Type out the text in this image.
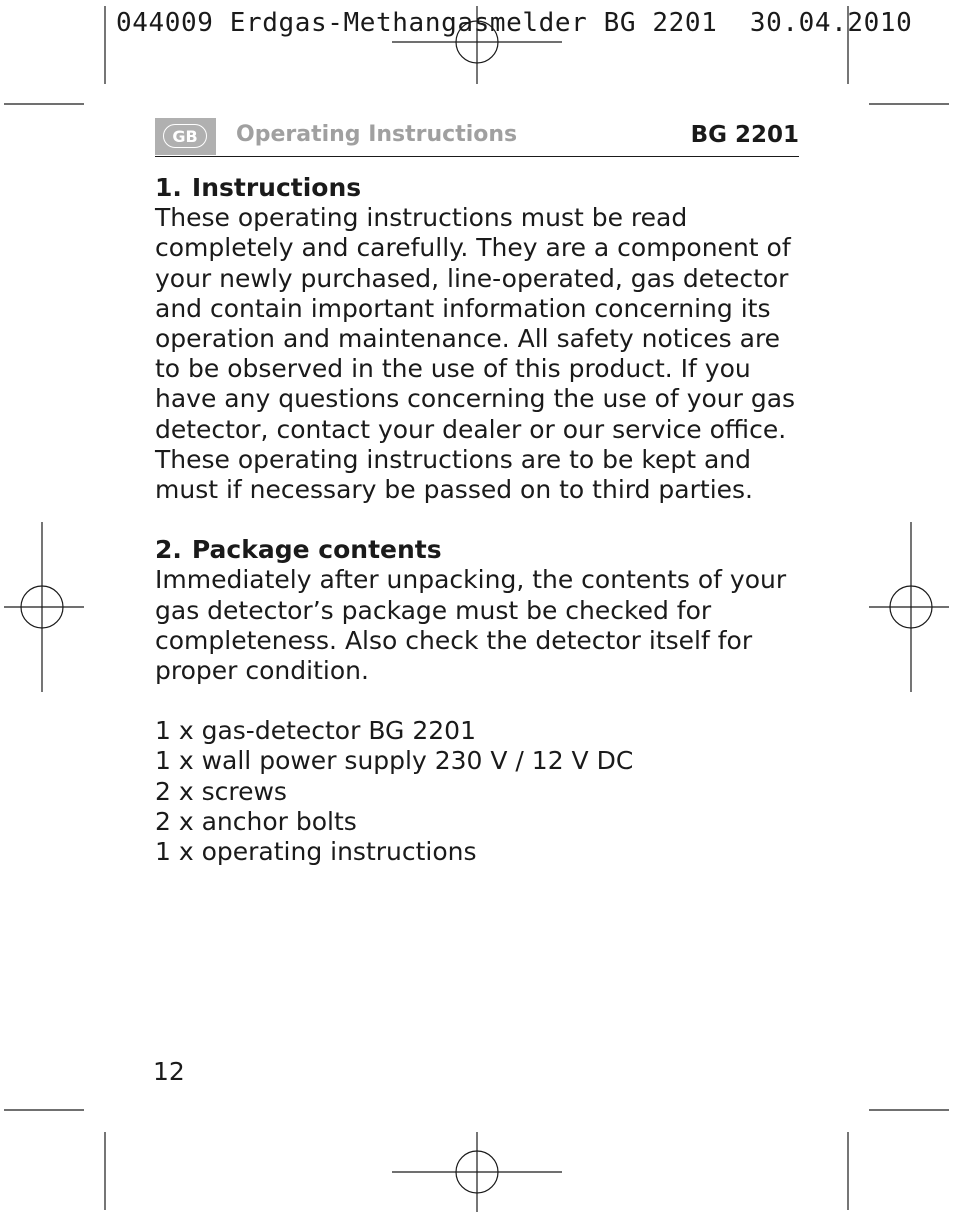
044009 Erdgas-Methangasmelder BG 2201  30.04.2010
GB	Operating Instructions	BG 2201
1. Instructions
These operating instructions must be read
completely and carefully. They are a component of
your newly purchased, line-operated, gas detector
and contain important information concerning its
operation and maintenance. All safety notices are
to be observed in the use of this product. If you
have any questions concerning the use of your gas
detector, contact your dealer or our service office.
These operating instructions are to be kept and
must if necessary be passed on to third parties.
2. Package contents
Immediately after unpacking, the contents of your
gas detector’s package must be checked for
completeness. Also check the detector itself for
proper condition.
1 x gas-detector BG 2201
1 x wall power supply 230 V / 12 V DC
2 x screws
2 x anchor bolts
1 x operating instructions
12
